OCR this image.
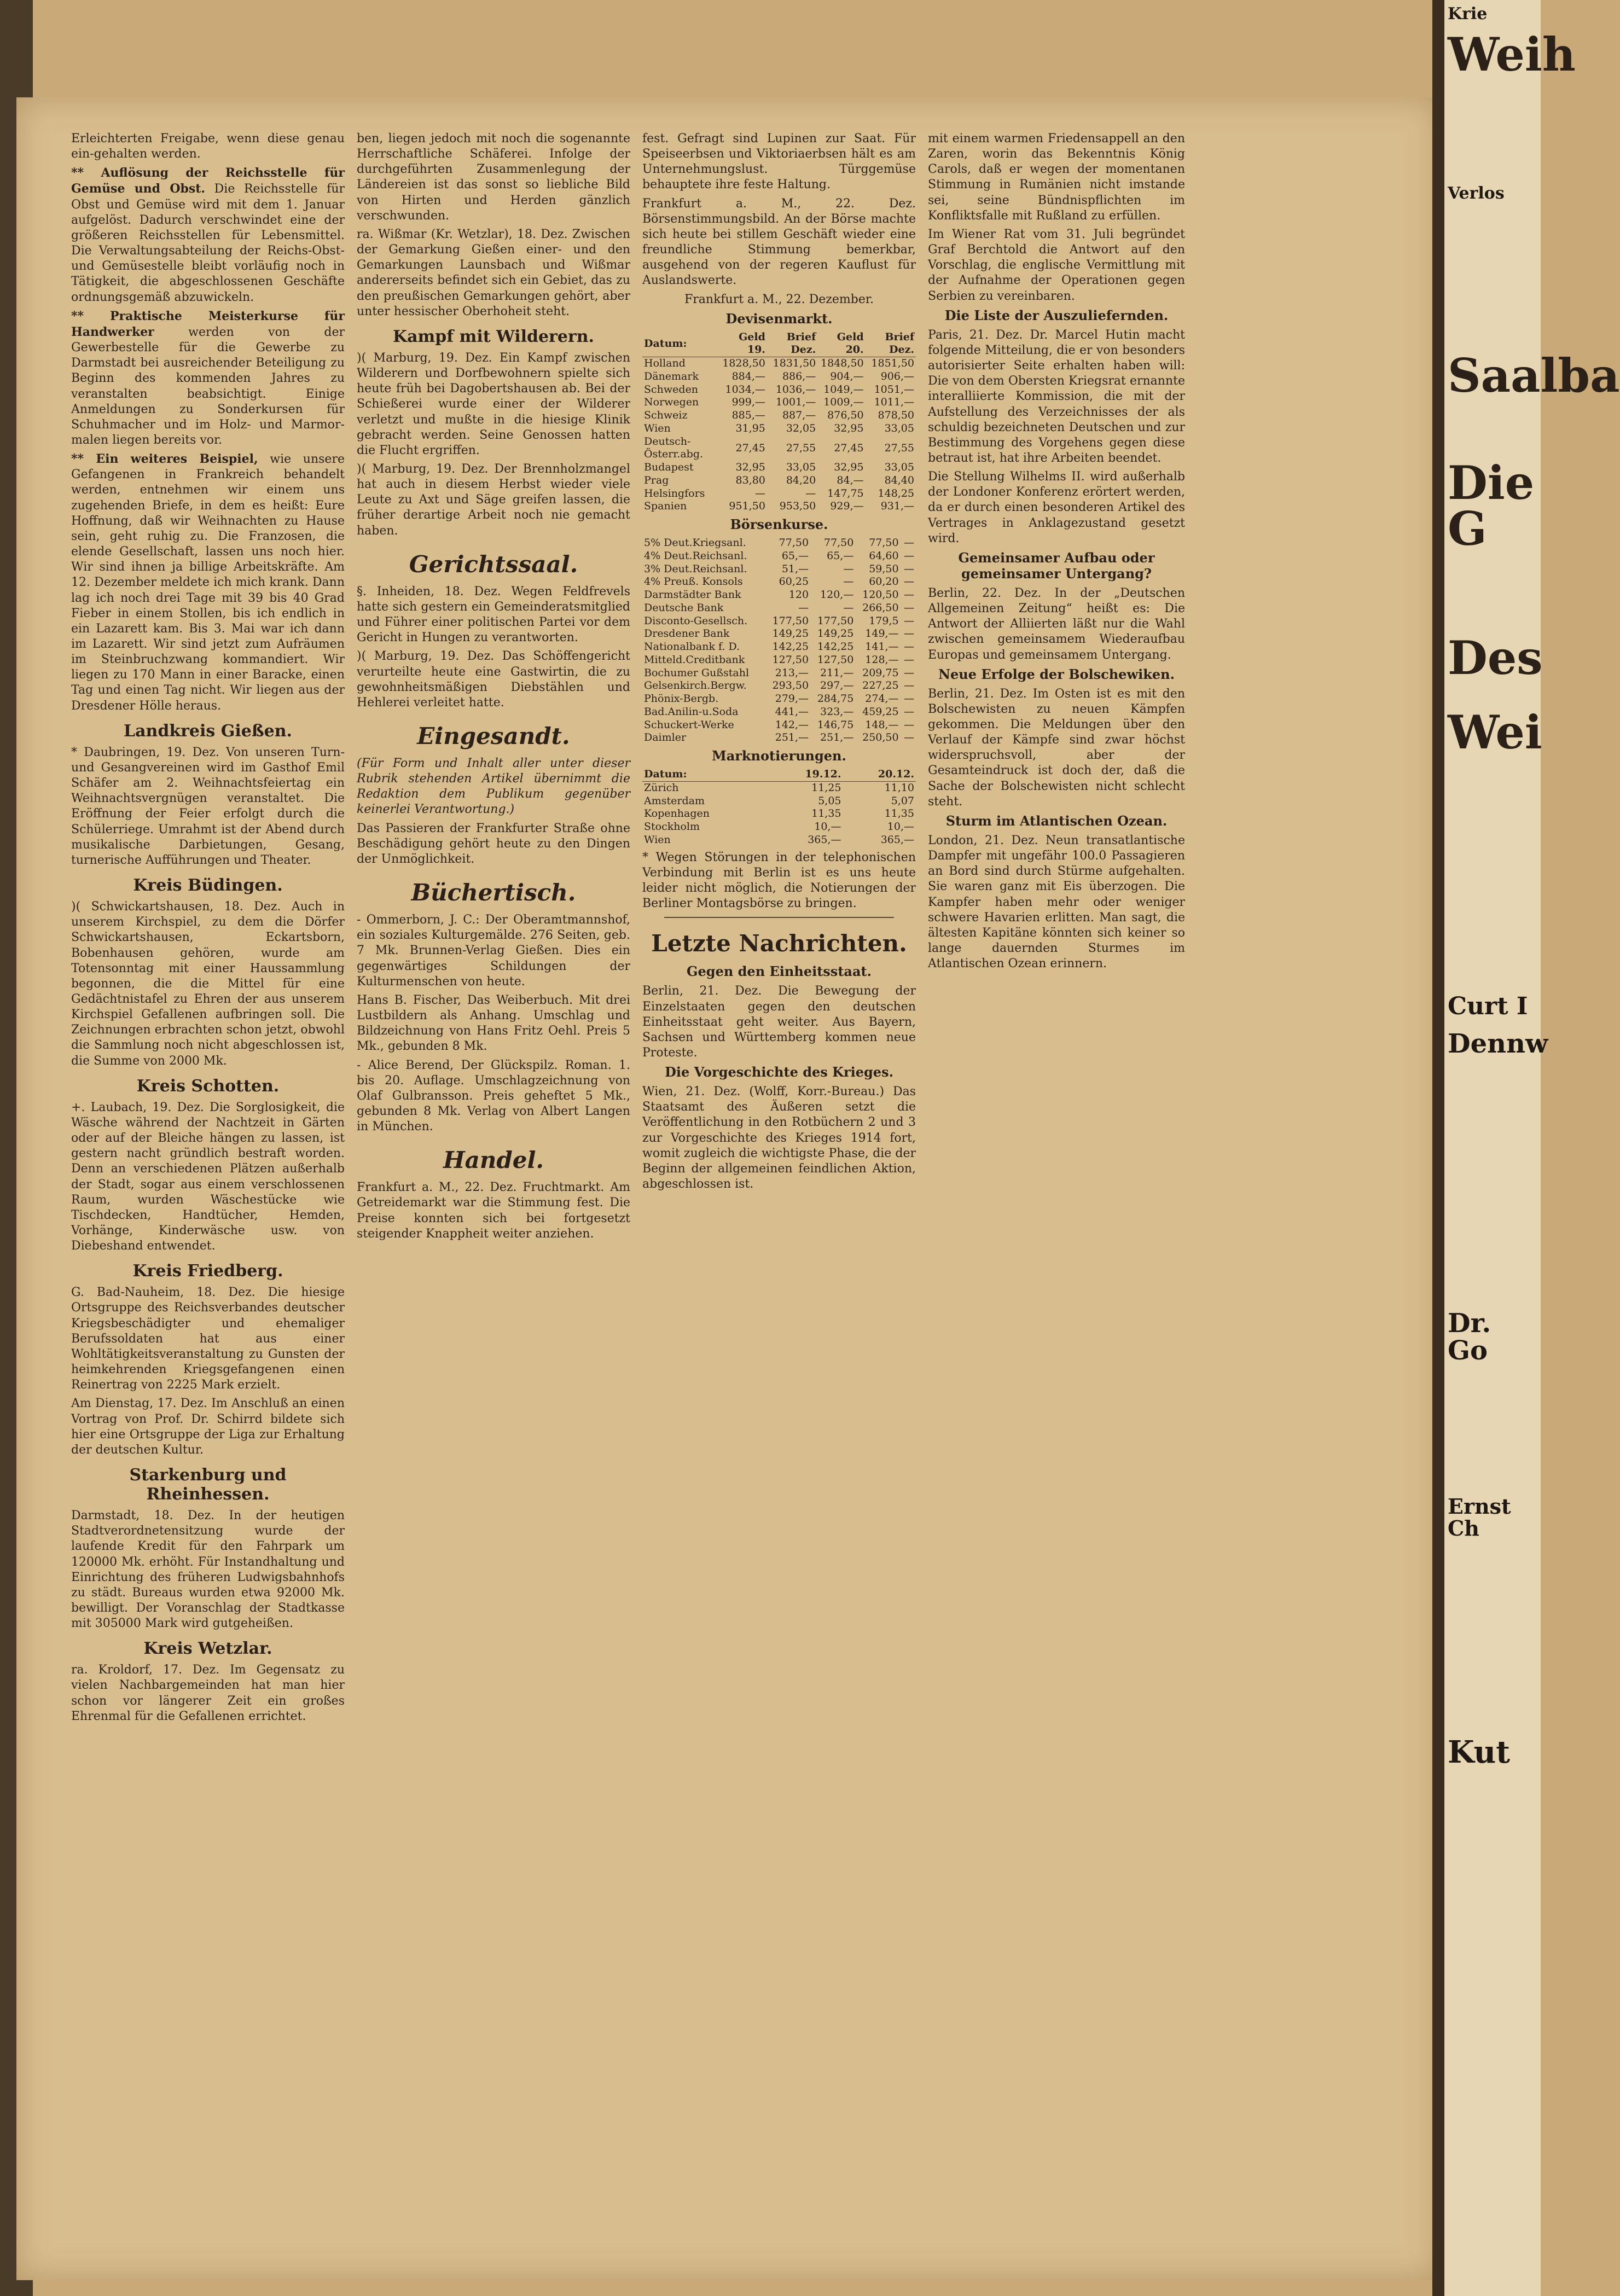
Krie
Weih
Verlos
Saalba
Die G
Des
Wei
Curt I
Dennw
Dr. Go
Ernst Ch
Kut

Erleichterten Freigabe, wenn diese genau ein-gehalten werden.

** Auflösung der Reichsstelle für Gemüse und Obst. Die Reichsstelle für Obst und Gemüse wird mit dem 1. Januar aufgelöst. Dadurch verschwindet eine der größeren Reichsstellen für Lebensmittel. Die Verwaltungsabteilung der Reichs-Obst- und Gemüsestelle bleibt vorläufig noch in Tätigkeit, die abgeschlossenen Geschäfte ordnungsgemäß abzuwickeln.

** Praktische Meisterkurse für Handwerker	werden von der Gewerbestelle für die Gewerbe zu Darmstadt bei ausreichender Beteiligung zu Beginn des kommenden Jahres zu veranstalten beabsichtigt. Einige Anmeldungen zu Sonderkursen für Schuhmacher und im Holz- und Marmor-malen liegen bereits vor.

** Ein weiteres Beispiel, wie unsere Gefangenen in Frankreich behandelt werden, entnehmen wir einem uns zugehenden Briefe, in dem es heißt: Eure Hoffnung, daß wir Weihnachten zu Hause sein, geht ruhig zu. Die Franzosen, die elende Gesellschaft, lassen uns noch hier. Wir sind ihnen ja billige Arbeitskräfte. Am 12. Dezember meldete ich mich krank. Dann lag ich noch drei Tage mit 39 bis 40 Grad Fieber in einem Stollen, bis ich endlich in ein Lazarett kam. Bis 3. Mai war ich dann im Lazarett. Wir sind jetzt zum Aufräumen im Steinbruchzwang kommandiert. Wir liegen zu 170 Mann in einer Baracke, einen Tag und einen Tag nicht. Wir liegen aus der Dresdener Hölle heraus.

Landkreis Gießen.

* Daubringen, 19. Dez. Von unseren Turn- und Gesangvereinen wird im Gasthof Emil Schäfer am 2. Weihnachtsfeiertag ein Weihnachtsvergnügen veranstaltet. Die Eröffnung der Feier erfolgt durch die Schülerriege. Umrahmt ist der Abend durch musikalische Darbietungen, Gesang, turnerische Aufführungen und Theater.

Kreis Büdingen.

)( Schwickartshausen, 18. Dez. Auch in unserem Kirchspiel, zu dem die Dörfer Schwickartshausen, Eckartsborn, Bobenhausen gehören, wurde am Totensonntag mit einer Haussammlung begonnen, die die Mittel für eine Gedächtnistafel zu Ehren der aus unserem Kirchspiel Gefallenen aufbringen soll. Die Zeichnungen erbrachten schon jetzt, obwohl die Sammlung noch nicht abgeschlossen ist, die Summe von 2000 Mk.

Kreis Schotten.

+. Laubach, 19. Dez. Die Sorglosigkeit, die Wäsche während der Nachtzeit in Gärten oder auf der Bleiche hängen zu lassen, ist gestern nacht gründlich bestraft worden. Denn an verschiedenen Plätzen außerhalb der Stadt, sogar aus einem verschlossenen Raum, wurden Wäschestücke wie Tischdecken, Handtücher, Hemden, Vorhänge, Kinderwäsche usw. von Diebeshand entwendet.

Kreis Friedberg.

G. Bad-Nauheim, 18. Dez. Die hiesige Ortsgruppe des Reichsverbandes deutscher Kriegsbeschädigter und ehemaliger Berufssoldaten hat aus einer Wohltätigkeitsveranstaltung zu Gunsten der heimkehrenden Kriegsgefangenen einen Reinertrag von 2225 Mark erzielt.

Am Dienstag, 17. Dez. Im Anschluß an einen Vortrag von Prof. Dr. Schirrd bildete sich hier eine Ortsgruppe der Liga zur Erhaltung der deutschen Kultur.

Starkenburg und Rheinhessen.

Darmstadt, 18. Dez. In der heutigen Stadtverordnetensitzung wurde der laufende Kredit für den Fahrpark um 120000 Mk. erhöht. Für Instandhaltung und Einrichtung des früheren Ludwigsbahnhofs zu städt. Bureaus wurden etwa 92000 Mk. bewilligt. Der Voranschlag der Stadtkasse mit 305000 Mark wird gutgeheißen.

Kreis Wetzlar.

ra. Kroldorf, 17. Dez. Im Gegensatz zu vielen Nachbargemeinden hat man hier schon vor längerer Zeit ein großes Ehrenmal für die Gefallenen errichtet.

ben, liegen jedoch mit noch die sogenannte Herrschaftliche Schäferei. Infolge der durchgeführten Zusammenlegung der Ländereien ist das sonst so liebliche Bild von Hirten und Herden gänzlich verschwunden.

ra. Wißmar (Kr. Wetzlar), 18. Dez. Zwischen der Gemarkung Gießen einer- und den Gemarkungen Launsbach und Wißmar andererseits befindet sich ein Gebiet, das zu den preußischen Gemarkungen gehört, aber unter hessischer Oberhoheit steht.

Kampf mit Wilderern.

)( Marburg, 19. Dez. Ein Kampf zwischen Wilderern und Dorfbewohnern spielte sich heute früh bei Dagobertshausen ab. Bei der Schießerei wurde einer der Wilderer verletzt und mußte in die hiesige Klinik gebracht werden. Seine Genossen hatten die Flucht ergriffen.

)( Marburg, 19. Dez. Der Brennholzmangel hat auch in diesem Herbst wieder viele Leute zu Axt und Säge greifen lassen, die früher derartige Arbeit noch nie gemacht haben.

Gerichtssaal.

§. Inheiden, 18. Dez. Wegen Feldfrevels hatte sich gestern ein Gemeinderatsmitglied und Führer einer politischen Partei vor dem Gericht in Hungen zu verantworten.

)( Marburg, 19. Dez. Das Schöffengericht verurteilte heute eine Gastwirtin, die zu gewohnheitsmäßigen Diebstählen und Hehlerei verleitet hatte.

Eingesandt.

(Für Form und Inhalt aller unter dieser Rubrik stehenden Artikel übernimmt die Redaktion dem Publikum gegenüber keinerlei Verantwortung.)

Das Passieren der Frankfurter Straße ohne Beschädigung gehört heute zu den Dingen der Unmöglichkeit.

Büchertisch.

- Ommerborn, J. C.: Der Oberamtmannshof, ein soziales Kulturgemälde. 276 Seiten, geb. 7 Mk. Brunnen-Verlag Gießen. Dies ein gegenwärtiges Schildungen der Kulturmenschen von heute.

Hans B. Fischer, Das Weiberbuch. Mit drei Lustbildern als Anhang. Umschlag und Bildzeichnung von Hans Fritz Oehl. Preis 5 Mk., gebunden 8 Mk.

- Alice Berend, Der Glückspilz. Roman. 1. bis 20. Auflage. Umschlagzeichnung von Olaf Gulbransson. Preis geheftet 5 Mk., gebunden 8 Mk. Verlag von Albert Langen in München.

Handel.

Frankfurt a. M., 22. Dez. Fruchtmarkt. Am Getreidemarkt war die Stimmung fest. Die Preise konnten sich bei fortgesetzt steigender Knappheit weiter anziehen.

fest. Gefragt sind Lupinen zur Saat. Für Speiseerbsen und Viktoriaerbsen hält es am Unternehmungslust. Türggemüse behauptete ihre feste Haltung.

Frankfurt a. M., 22. Dez. Börsenstimmungsbild. An der Börse machte sich heute bei stillem Geschäft wieder eine freundliche Stimmung bemerkbar, ausgehend von der regeren Kauflust für Auslandswerte.

Frankfurt a. M., 22. Dezember.

Devisenmarkt.
Datum:	Geld 19.	Brief Dez.	Geld 20.	Brief Dez.
Holland	1828,50	1831,50	1848,50	1851,50
Dänemark	884,—	886,—	904,—	906,—
Schweden	1034,—	1036,—	1049,—	1051,—
Norwegen	999,—	1001,—	1009,—	1011,—
Schweiz	885,—	887,—	876,50	878,50
Wien	31,95	32,05	32,95	33,05
Deutsch-Österr.abg.	27,45	27,55	27,45	27,55
Budapest	32,95	33,05	32,95	33,05
Prag	83,80	84,20	84,—	84,40
Helsingfors	—	—	147,75	148,25
Spanien	951,50	953,50	929,—	931,—
Börsenkurse.
5% Deut.Kriegsanl.	77,50	77,50	77,50	—
4% Deut.Reichsanl.	65,—	65,—	64,60	—
3% Deut.Reichsanl.	51,—	—	59,50	—
4% Preuß. Konsols	60,25	—	60,20	—
Darmstädter Bank	120	120,—	120,50	—
Deutsche Bank	—	—	266,50	—
Disconto-Gesellsch.	177,50	177,50	179,5	—
Dresdener Bank	149,25	149,25	149,—	—
Nationalbank f. D.	142,25	142,25	141,—	—
Mitteld.Creditbank	127,50	127,50	128,—	—
Bochumer Gußstahl	213,—	211,—	209,75	—
Gelsenkirch.Bergw.	293,50	297,—	227,25	—
Phönix-Bergb.	279,—	284,75	274,—	—
Bad.Anilin-u.Soda	441,—	323,—	459,25	—
Schuckert-Werke	142,—	146,75	148,—	—
Daimler	251,—	251,—	250,50	—
Marknotierungen.
Datum:	19.12.	20.12.
Zürich	11,25	11,10
Amsterdam	5,05	5,07
Kopenhagen	11,35	11,35
Stockholm	10,—	10,—
Wien	365,—	365,—

* Wegen Störungen in der telephonischen Verbindung mit Berlin ist es uns heute leider nicht möglich, die Notierungen der Berliner Montagsbörse zu bringen.

Letzte Nachrichten.
Gegen den Einheitsstaat.

Berlin, 21. Dez. Die Bewegung der Einzelstaaten gegen den deutschen Einheitsstaat geht weiter. Aus Bayern, Sachsen und Württemberg kommen neue Proteste.

Die Vorgeschichte des Krieges.

Wien, 21. Dez. (Wolff, Korr.-Bureau.) Das Staatsamt des Äußeren setzt die Veröffentlichung in den Rotbüchern 2 und 3 zur Vorgeschichte des Krieges 1914 fort, womit zugleich die wichtigste Phase, die der Beginn der allgemeinen feindlichen Aktion, abgeschlossen ist.

mit einem warmen Friedensappell an den Zaren, worin das Bekenntnis König Carols, daß er wegen der momentanen Stimmung in Rumänien nicht imstande sei, seine Bündnispflichten im Konfliktsfalle mit Rußland zu erfüllen.

Im Wiener Rat vom 31. Juli begründet Graf Berchtold die Antwort auf den Vorschlag, die englische Vermittlung mit der Aufnahme der Operationen gegen Serbien zu vereinbaren.

Die Liste der Auszuliefernden.

Paris, 21. Dez. Dr. Marcel Hutin macht folgende Mitteilung, die er von besonders autorisierter Seite erhalten haben will: Die von dem Obersten Kriegsrat ernannte interalliierte Kommission, die mit der Aufstellung des Verzeichnisses der als schuldig bezeichneten Deutschen und zur Bestimmung des Vorgehens gegen diese betraut ist, hat ihre Arbeiten beendet.

Die Stellung Wilhelms II. wird außerhalb der Londoner Konferenz erörtert werden, da er durch einen besonderen Artikel des Vertrages in Anklagezustand gesetzt wird.

Gemeinsamer Aufbau oder gemeinsamer Untergang?

Berlin, 22. Dez. In der „Deutschen Allgemeinen Zeitung“ heißt es: Die Antwort der Alliierten läßt nur die Wahl zwischen gemeinsamem Wiederaufbau Europas und gemeinsamem Untergang.

Neue Erfolge der Bolschewiken.

Berlin, 21. Dez. Im Osten ist es mit den Bolschewisten zu neuen Kämpfen gekommen. Die Meldungen über den Verlauf der Kämpfe sind zwar höchst widerspruchsvoll, aber der Gesamteindruck ist doch der, daß die Sache der Bolschewisten nicht schlecht steht.

Sturm im Atlantischen Ozean.

London, 21. Dez. Neun transatlantische Dampfer mit ungefähr 100.0 Passagieren an Bord sind durch Stürme aufgehalten. Sie waren ganz mit Eis überzogen. Die Kampfer haben mehr oder weniger schwere Havarien erlitten. Man sagt, die ältesten Kapitäne könnten sich keiner so lange dauernden Sturmes im Atlantischen Ozean erinnern.
